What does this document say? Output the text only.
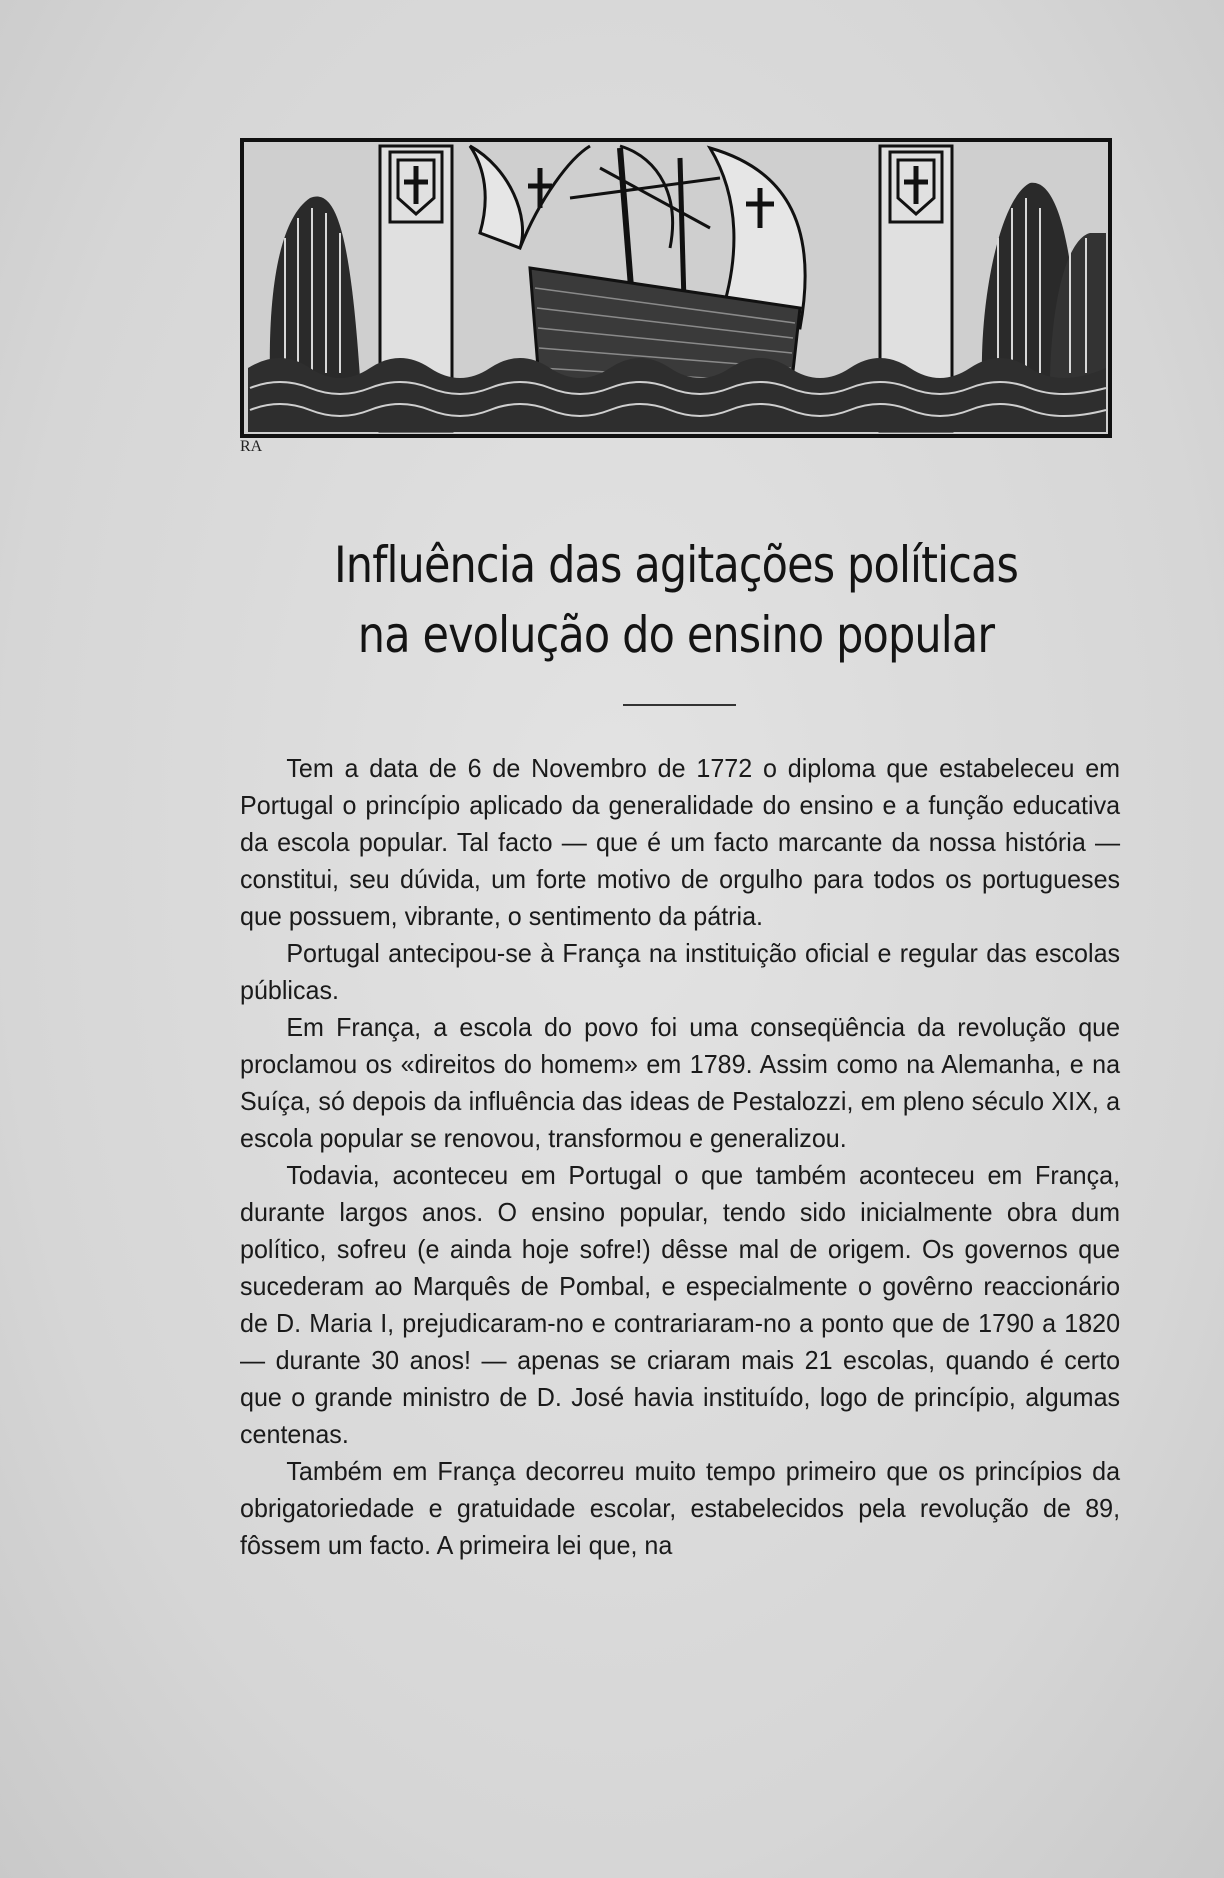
RA
Influência das agitações políticas
na evolução do ensino popular

Tem a data de 6 de Novembro de 1772 o diploma que estabeleceu em Portugal o princípio aplicado da generalidade do ensino e a função educativa da escola popular. Tal facto — que é um facto marcante da nossa história — constitui, seu dúvida, um forte motivo de orgulho para todos os portugueses que possuem, vibrante, o sentimento da pátria.

Portugal antecipou-se à França na instituição oficial e regular das escolas públicas.

Em França, a escola do povo foi uma conseqüência da revolução que proclamou os «direitos do homem» em 1789. Assim como na Alemanha, e na Suíça, só depois da influência das ideas de Pestalozzi, em pleno século XIX, a escola popular se renovou, transformou e generalizou.

Todavia, aconteceu em Portugal o que também aconteceu em França, durante largos anos. O ensino popular, tendo sido inicialmente obra dum político, sofreu (e ainda hoje sofre!) dêsse mal de origem. Os governos que sucederam ao Marquês de Pombal, e especialmente o govêrno reaccionário de D. Maria I, prejudicaram-no e contrariaram-no a ponto que de 1790 a 1820 — durante 30 anos! — apenas se criaram mais 21 escolas, quando é certo que o grande ministro de D. José havia instituído, logo de princípio, algumas centenas.

Também em França decorreu muito tempo primeiro que os princípios da obrigatoriedade e gratuidade escolar, estabelecidos pela revolução de 89, fôssem um facto. A primeira lei que, na
